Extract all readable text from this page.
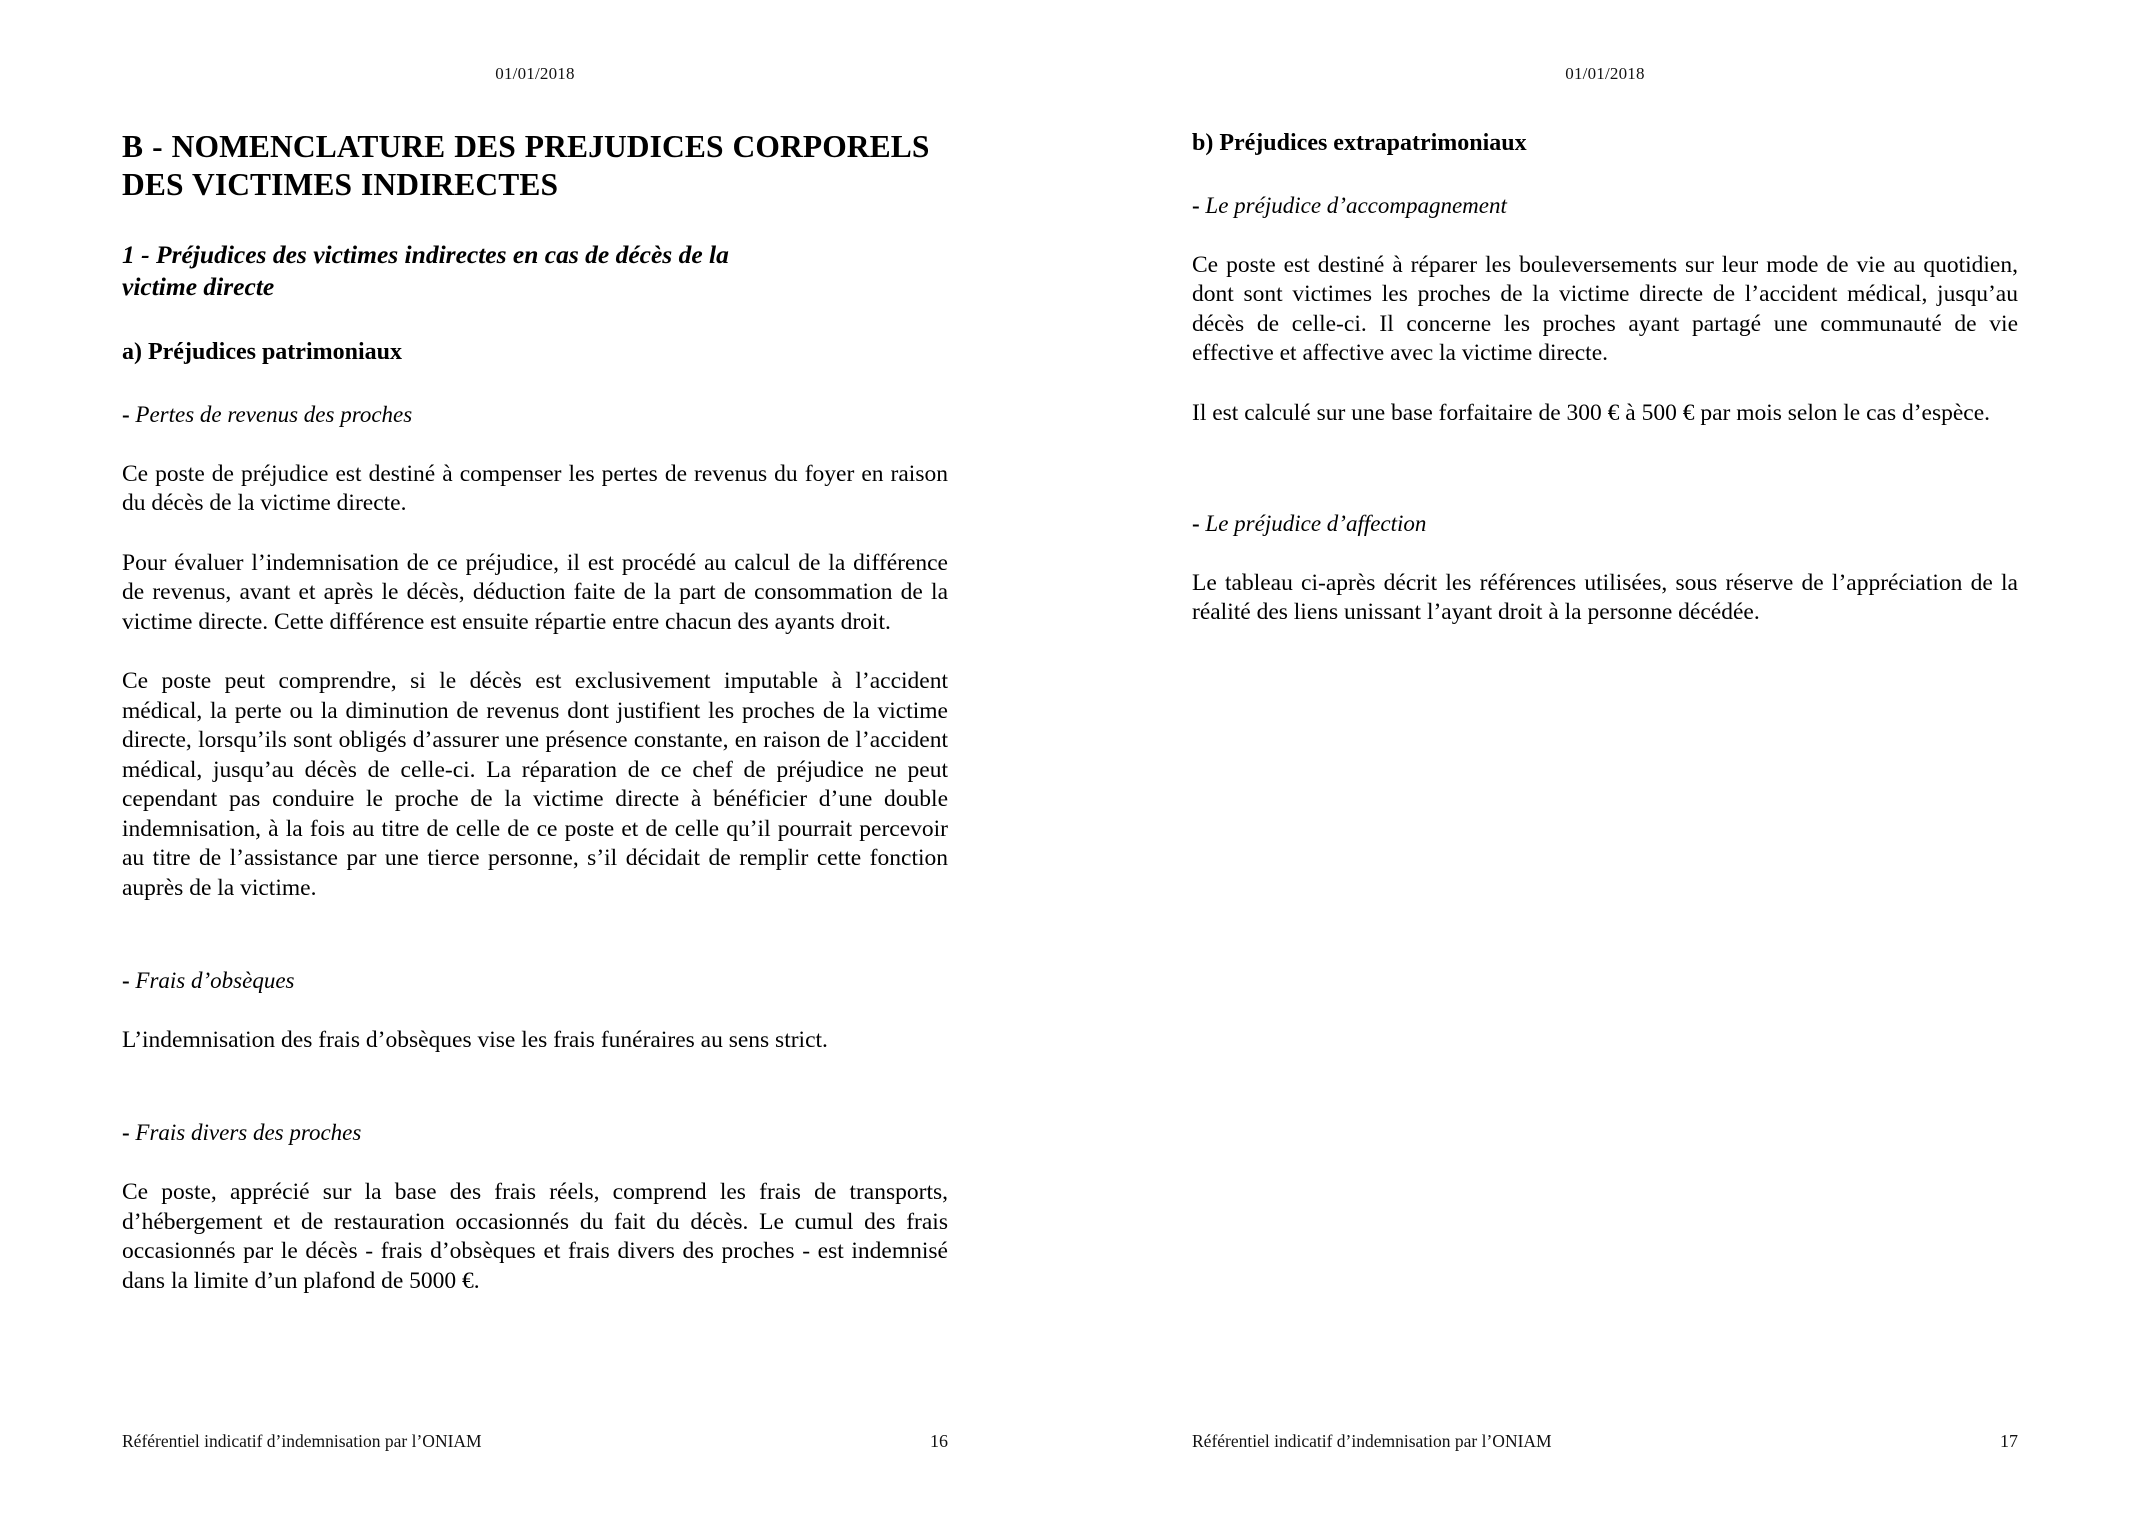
01/01/2018
B - NOMENCLATURE DES PREJUDICES CORPORELS
DES VICTIMES INDIRECTES
1 - Préjudices des victimes indirectes en cas de décès de la
victime directe
a) Préjudices patrimoniaux
- Pertes de revenus des proches

Ce poste de préjudice est destiné à compenser les pertes de revenus du foyer en raison du décès de la victime directe.

Pour évaluer l’indemnisation de ce préjudice, il est procédé au calcul de la différence de revenus, avant et après le décès, déduction faite de la part de consommation de la victime directe. Cette différence est ensuite répartie entre chacun des ayants droit.

Ce poste peut comprendre, si le décès est exclusivement imputable à l’accident médical, la perte ou la diminution de revenus dont justifient les proches de la victime directe, lorsqu’ils sont obligés d’assurer une présence constante, en raison de l’accident médical, jusqu’au décès de celle-ci. La réparation de ce chef de préjudice ne peut cependant pas conduire le proche de la victime directe à bénéficier d’une double indemnisation, à la fois au titre de celle de ce poste et de celle qu’il pourrait percevoir au titre de l’assistance par une tierce personne, s’il décidait de remplir cette fonction auprès de la victime.

- Frais d’obsèques

L’indemnisation des frais d’obsèques vise les frais funéraires au sens strict.

- Frais divers des proches

Ce poste, apprécié sur la base des frais réels, comprend les frais de transports, d’hébergement et de restauration occasionnés du fait du décès. Le cumul des frais occasionnés par le décès - frais d’obsèques et frais divers des proches - est indemnisé dans la limite d’un plafond de 5000 €.

Référentiel indicatif d’indemnisation par l’ONIAM	16
01/01/2018
b) Préjudices extrapatrimoniaux
- Le préjudice d’accompagnement

Ce poste est destiné à réparer les bouleversements sur leur mode de vie au quotidien, dont sont victimes les proches de la victime directe de l’accident médical, jusqu’au décès de celle-ci. Il concerne les proches ayant partagé une communauté de vie effective et affective avec la victime directe.

Il est calculé sur une base forfaitaire de 300 € à 500 € par mois selon le cas d’espèce.

- Le préjudice d’affection

Le tableau ci-après décrit les références utilisées, sous réserve de l’appréciation de la réalité des liens unissant l’ayant droit à la personne décédée.

Référentiel indicatif d’indemnisation par l’ONIAM	17
